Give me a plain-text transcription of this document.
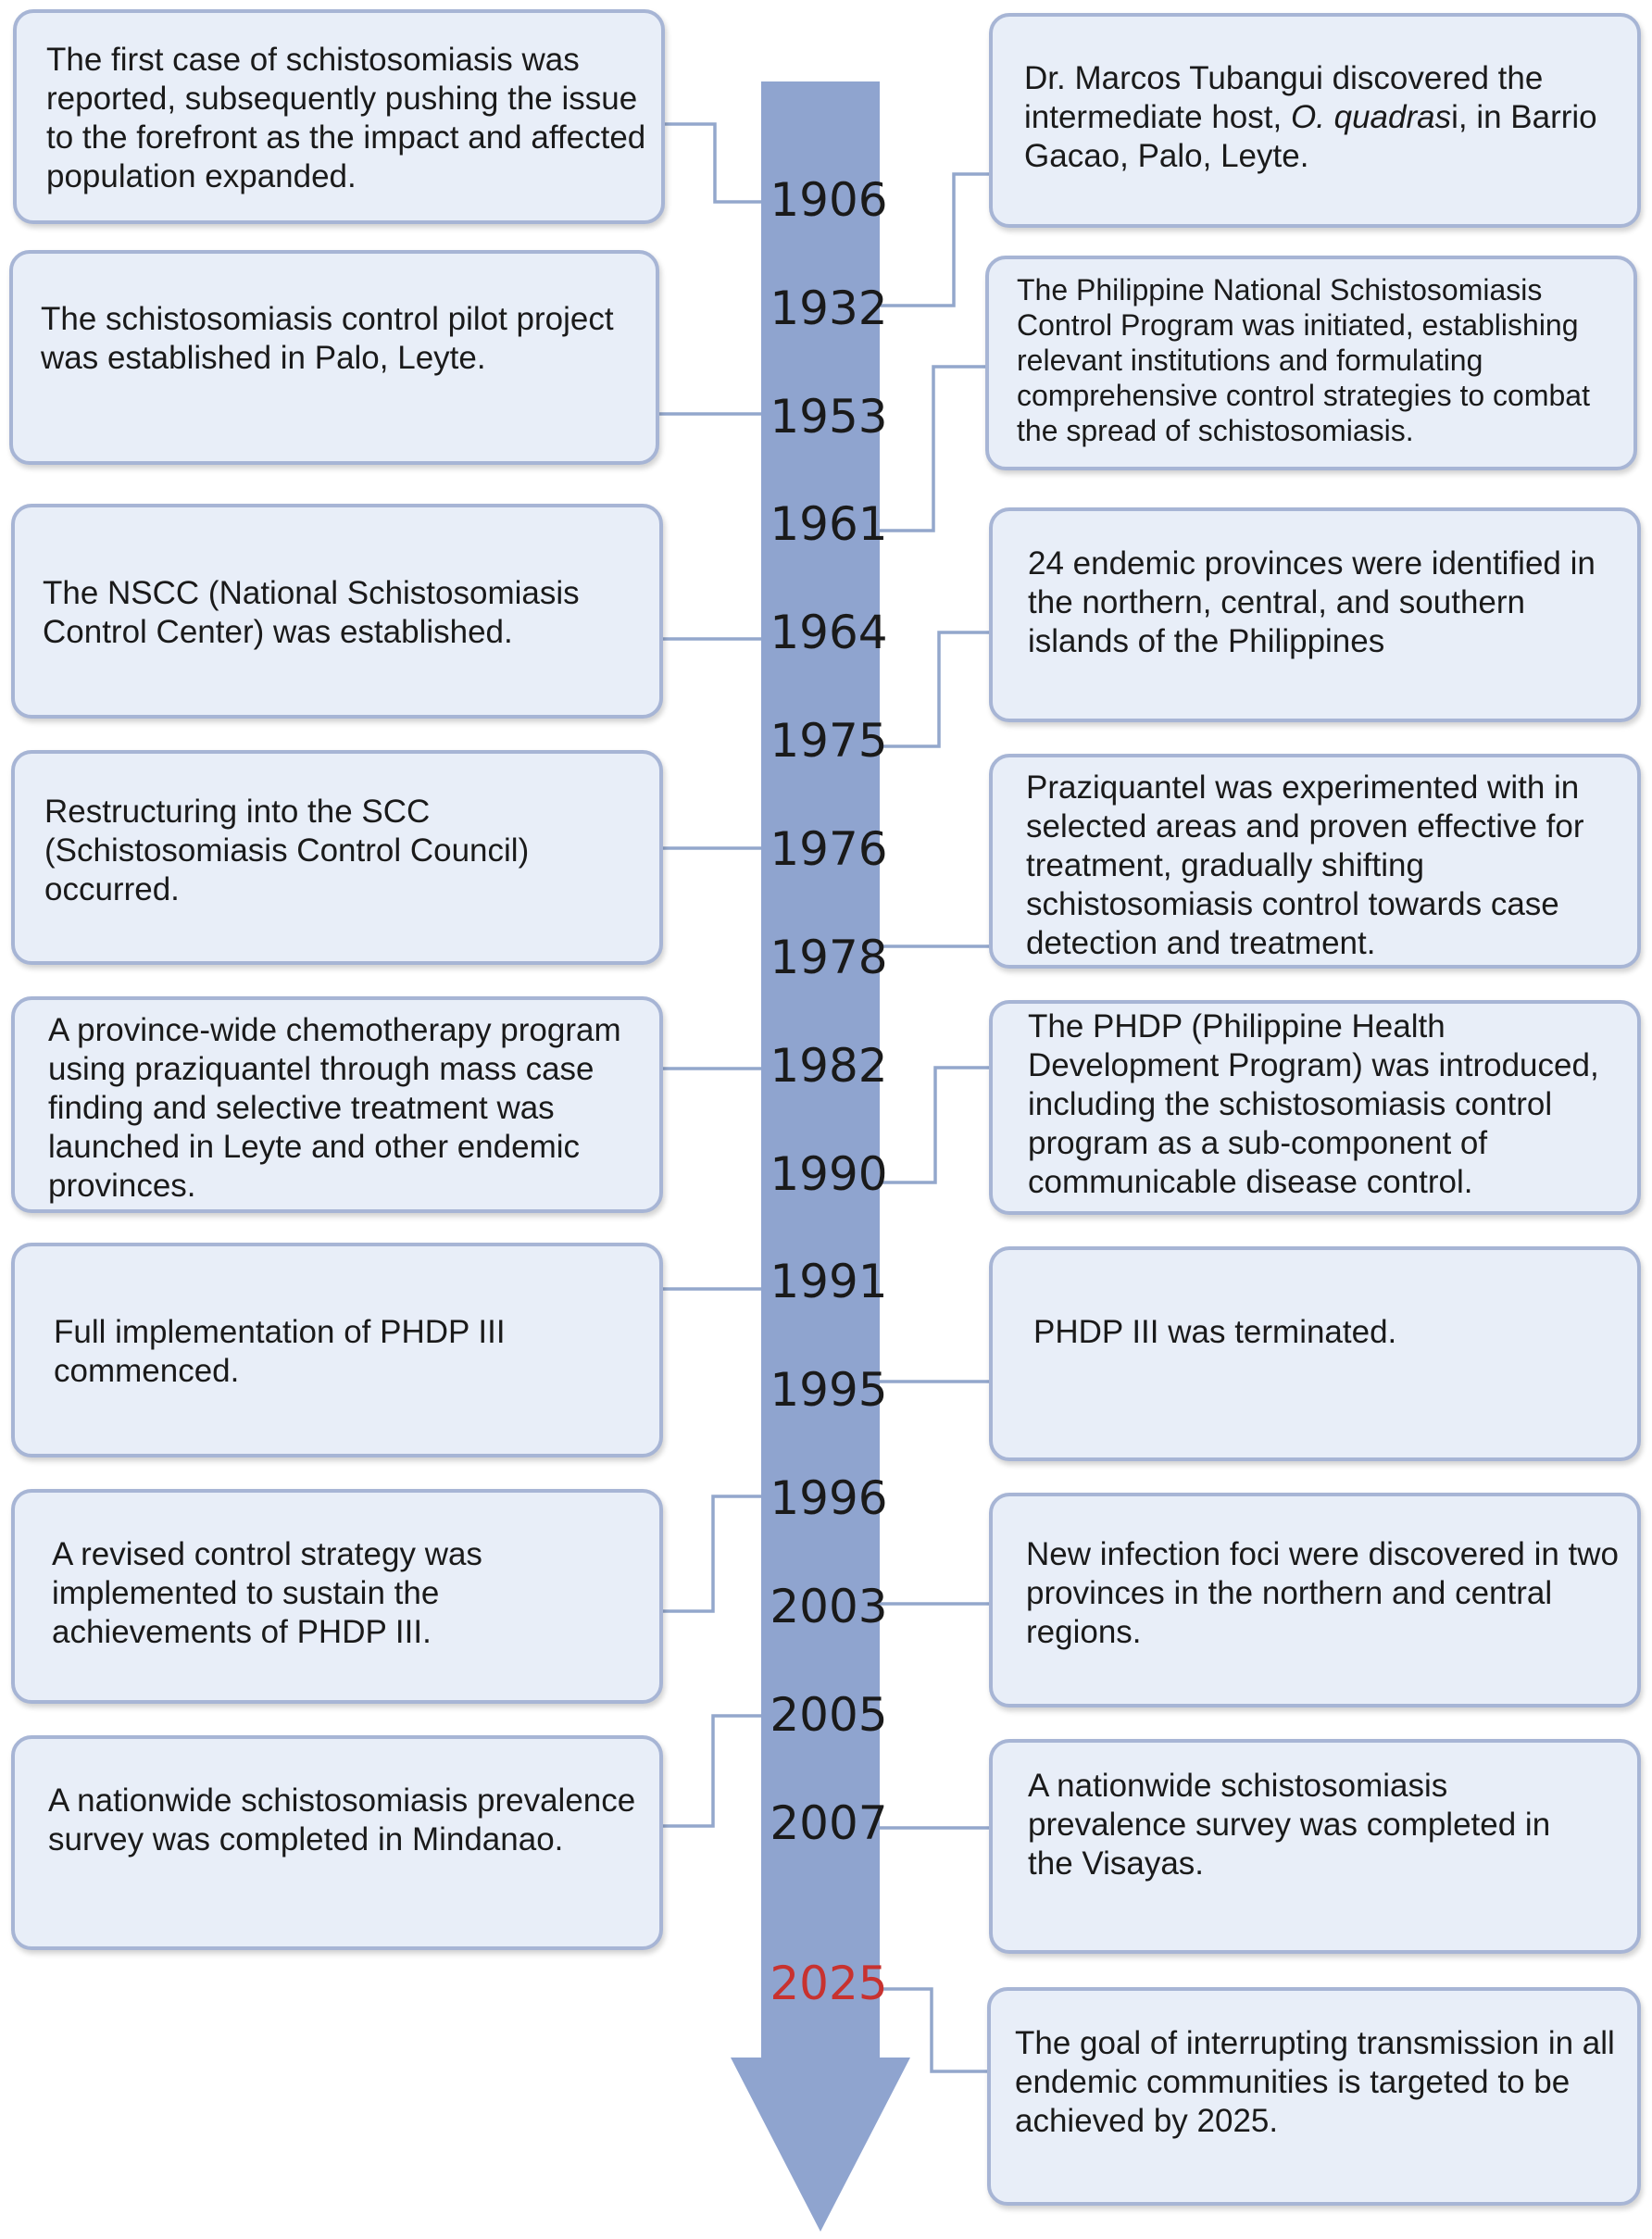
1906
1932
1953
1961
1964
1975
1976
1978
1982
1990
1991
1995
1996
2003
2005
2007
2025

The first case of schistosomiasis was reported, subsequently pushing the issue to the forefront as the impact and affected population expanded.

The schistosomiasis control pilot project was established in Palo, Leyte.

The NSCC (National Schistosomiasis Control Center) was established.

Restructuring into the SCC (Schistosomiasis Control Council) occurred.

A province-wide chemotherapy program using praziquantel through mass case finding and selective treatment was launched in Leyte and other endemic provinces.

Full implementation of PHDP III commenced.

A revised control strategy was implemented to sustain the achievements of PHDP III.

A nationwide schistosomiasis prevalence survey was completed in Mindanao.

Dr. Marcos Tubangui discovered the intermediate host, O. quadrasi, in Barrio Gacao, Palo, Leyte.

The Philippine National Schistosomiasis Control Program was initiated, establishing relevant institutions and formulating comprehensive control strategies to combat the spread of schistosomiasis.

24 endemic provinces were identified in the northern, central, and southern islands of the Philippines

Praziquantel was experimented with in selected areas and proven effective for treatment, gradually shifting schistosomiasis control towards case detection and treatment.

The PHDP (Philippine Health Development Program) was introduced, including the schistosomiasis control program as a sub-component of communicable disease control.

PHDP III was terminated.

New infection foci were discovered in two provinces in the northern and central regions.

A nationwide schistosomiasis prevalence survey was completed in the Visayas.

The goal of interrupting transmission in all endemic communities is targeted to be achieved by 2025.
